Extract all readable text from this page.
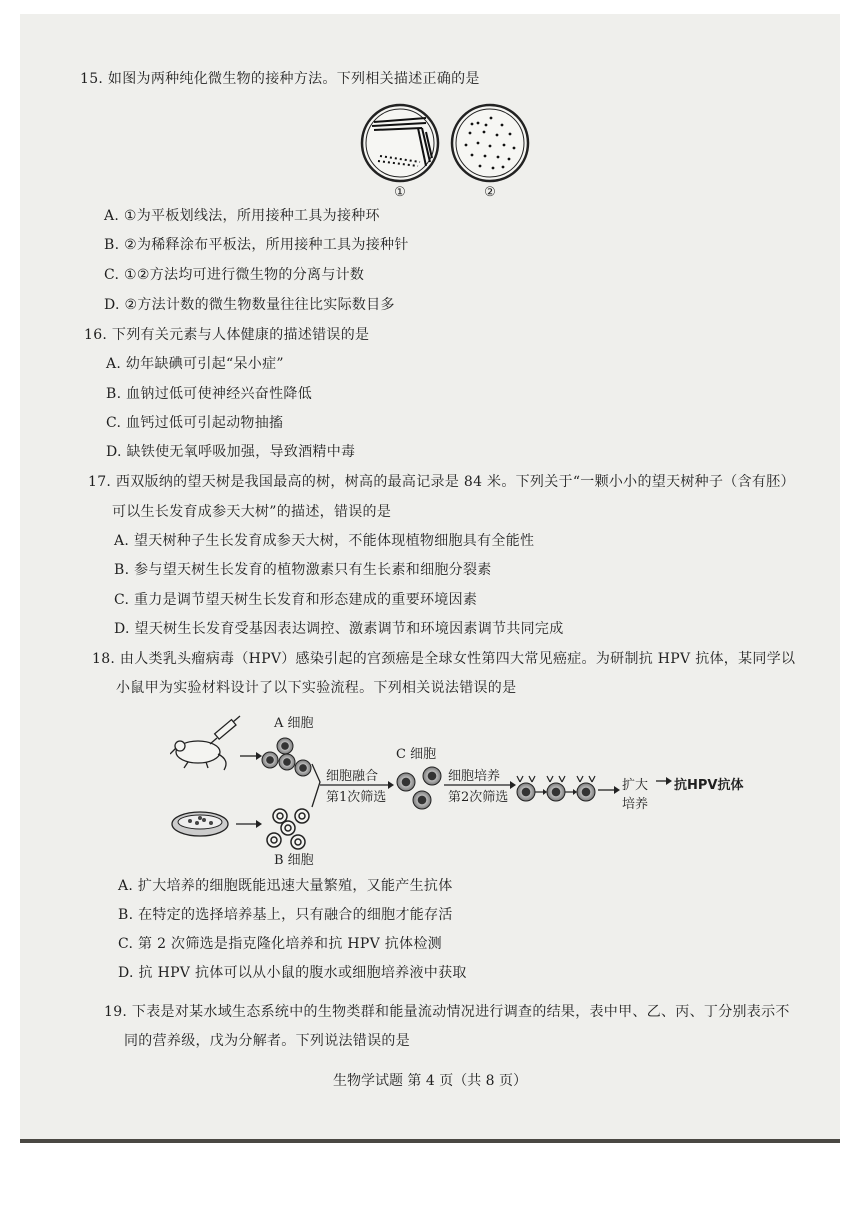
15. 如图为两种纯化微生物的接种方法。下列相关描述正确的是
①	②
A. ①为平板划线法，所用接种工具为接种环
B. ②为稀释涂布平板法，所用接种工具为接种针
C. ①②方法均可进行微生物的分离与计数
D. ②方法计数的微生物数量往往比实际数目多
16. 下列有关元素与人体健康的描述错误的是
A. 幼年缺碘可引起“呆小症”
B. 血钠过低可使神经兴奋性降低
C. 血钙过低可引起动物抽搐
D. 缺铁使无氧呼吸加强，导致酒精中毒
17. 西双版纳的望天树是我国最高的树，树高的最高记录是 84 米。下列关于“一颗小小的望天树种子（含有胚）
可以生长发育成参天大树”的描述，错误的是
A. 望天树种子生长发育成参天大树，不能体现植物细胞具有全能性
B. 参与望天树生长发育的植物激素只有生长素和细胞分裂素
C. 重力是调节望天树生长发育和形态建成的重要环境因素
D. 望天树生长发育受基因表达调控、激素调节和环境因素调节共同完成
18. 由人类乳头瘤病毒（HPV）感染引起的宫颈癌是全球女性第四大常见癌症。为研制抗 HPV 抗体，某同学以
小鼠甲为实验材料设计了以下实验流程。下列相关说法错误的是
A 细胞
B 细胞
细胞融合
第1次筛选
C 细胞
细胞培养
第2次筛选
扩大
培养
抗HPV抗体
A. 扩大培养的细胞既能迅速大量繁殖，又能产生抗体
B. 在特定的选择培养基上，只有融合的细胞才能存活
C. 第 2 次筛选是指克隆化培养和抗 HPV 抗体检测
D. 抗 HPV 抗体可以从小鼠的腹水或细胞培养液中获取
19. 下表是对某水域生态系统中的生物类群和能量流动情况进行调查的结果，表中甲、乙、丙、丁分别表示不
同的营养级，戊为分解者。下列说法错误的是
生物学试题 第 4 页（共 8 页）
